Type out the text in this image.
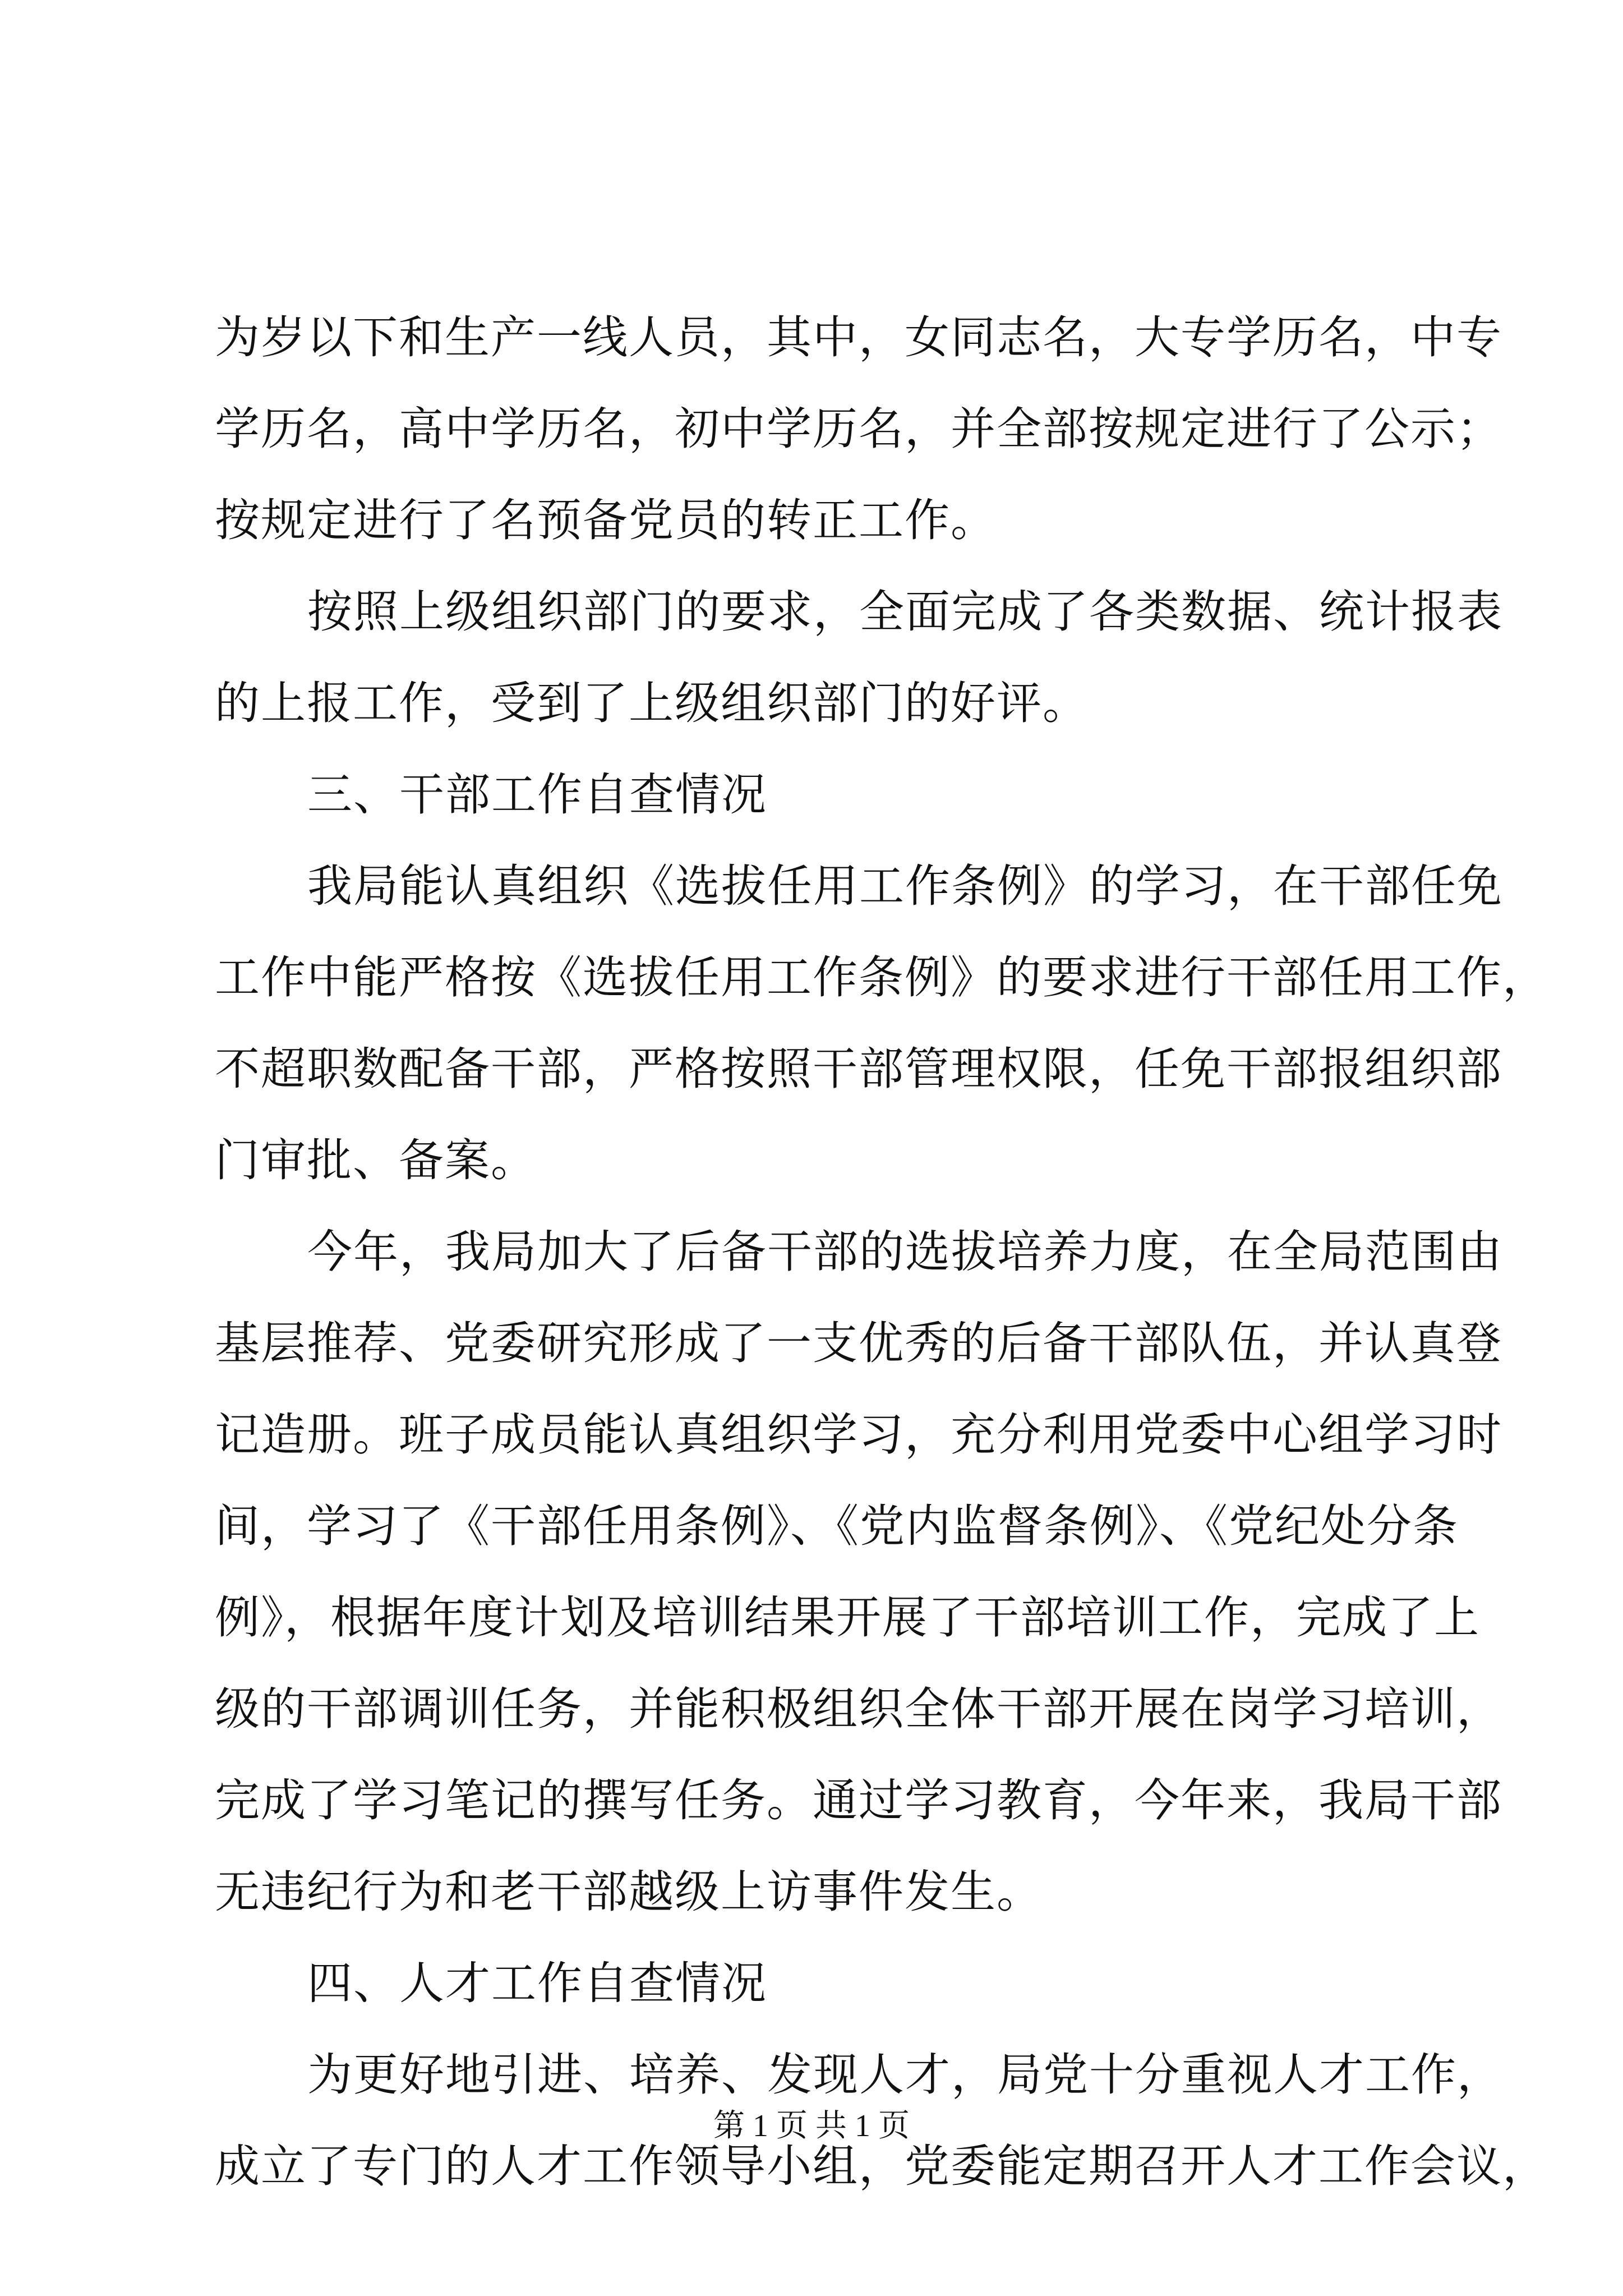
为岁以下和生产一线人员，其中，女同志名，大专学历名，中专
学历名，高中学历名，初中学历名，并全部按规定进行了公示；
按规定进行了名预备党员的转正工作。
按照上级组织部门的要求，全面完成了各类数据、统计报表
的上报工作，受到了上级组织部门的好评。
三、干部工作自查情况
我局能认真组织《选拔任用工作条例》的学习，在干部任免
工作中能严格按《选拔任用工作条例》的要求进行干部任用工作，
不超职数配备干部，严格按照干部管理权限，任免干部报组织部
门审批、备案。
今年，我局加大了后备干部的选拔培养力度，在全局范围由
基层推荐、党委研究形成了一支优秀的后备干部队伍，并认真登
记造册。班子成员能认真组织学习，充分利用党委中心组学习时
间，学习了《干部任用条例》、《党内监督条例》、《党纪处分条
例》，根据年度计划及培训结果开展了干部培训工作，完成了上
级的干部调训任务，并能积极组织全体干部开展在岗学习培训，
完成了学习笔记的撰写任务。通过学习教育，今年来，我局干部
无违纪行为和老干部越级上访事件发生。
四、人才工作自查情况
为更好地引进、培养、发现人才，局党十分重视人才工作，
成立了专门的人才工作领导小组，党委能定期召开人才工作会议，
第 1 页 共 1 页
